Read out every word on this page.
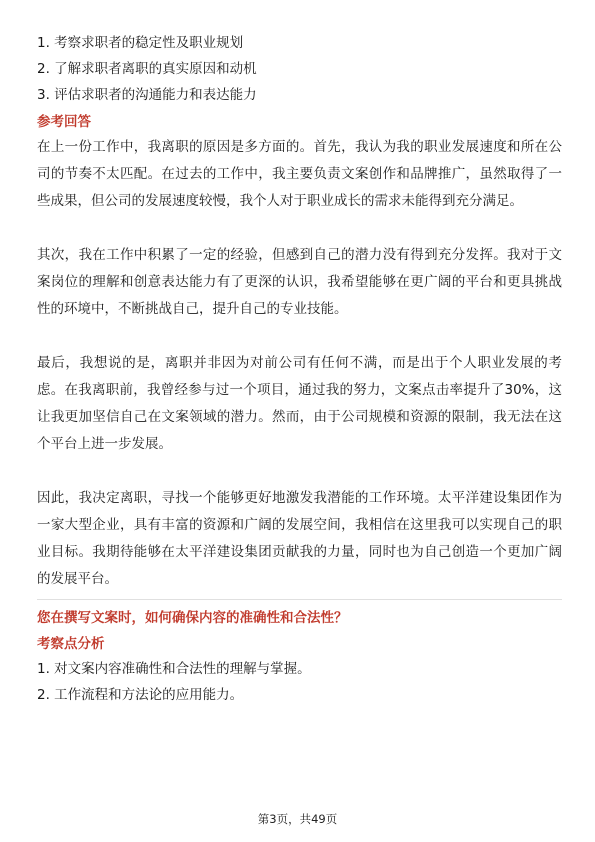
1. 考察求职者的稳定性及职业规划
2. 了解求职者离职的真实原因和动机
3. 评估求职者的沟通能力和表达能力
参考回答

在上一份工作中，我离职的原因是多方面的。首先，我认为我的职业发展速度和所在公司的节奏不太匹配。在过去的工作中，我主要负责文案创作和品牌推广，虽然取得了一些成果，但公司的发展速度较慢，我个人对于职业成长的需求未能得到充分满足。

其次，我在工作中积累了一定的经验，但感到自己的潜力没有得到充分发挥。我对于文案岗位的理解和创意表达能力有了更深的认识，我希望能够在更广阔的平台和更具挑战性的环境中，不断挑战自己，提升自己的专业技能。

最后，我想说的是，离职并非因为对前公司有任何不满，而是出于个人职业发展的考虑。在我离职前，我曾经参与过一个项目，通过我的努力，文案点击率提升了30%，这让我更加坚信自己在文案领域的潜力。然而，由于公司规模和资源的限制，我无法在这个平台上进一步发展。

因此，我决定离职，寻找一个能够更好地激发我潜能的工作环境。太平洋建设集团作为一家大型企业，具有丰富的资源和广阔的发展空间，我相信在这里我可以实现自己的职业目标。我期待能够在太平洋建设集团贡献我的力量，同时也为自己创造一个更加广阔的发展平台。

您在撰写文案时，如何确保内容的准确性和合法性？
考察点分析
1. 对文案内容准确性和合法性的理解与掌握。
2. 工作流程和方法论的应用能力。
第3页，共49页
